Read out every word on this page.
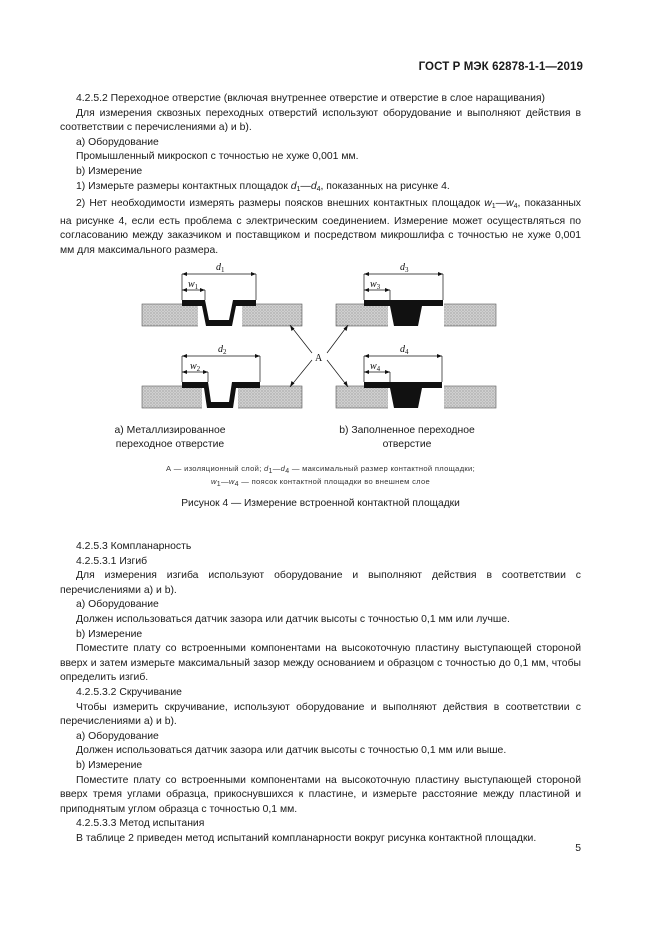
ГОСТ Р МЭК 62878-1-1—2019

4.2.5.2 Переходное отверстие (включая внутреннее отверстие и отверстие в слое наращивания)

Для измерения сквозных переходных отверстий используют оборудование и выполняют действия в соответствии с перечислениями а) и b).

а) Оборудование

Промышленный микроскоп с точностью не хуже 0,001 мм.

b) Измерение

1) Измерьте размеры контактных площадок $d_1—d_4$, показанных на рисунке 4.

2) Нет необходимости измерять размеры поясков внешних контактных площадок $w_1—w_4$, показанных на рисунке 4, если есть проблема с электрическим соединением. Измерение может осуществляться по согласованию между заказчиком и поставщиком и посредством микрошлифа с точностью не хуже 0,001 мм для максимального размера.

$d_1$
$w_1$
$d_2$
$w_2$
$d_3$
$w_3$
$d_4$
$w_4$
A
а) Металлизированное
переходное отверстие
b) Заполненное переходное
отверстие
А — изоляционный слой; d1—d4 — максимальный размер контактной площадки;
w1—w4 — поясок контактной площадки во внешнем слое
Рисунок 4 — Измерение встроенной контактной площадки

4.2.5.3 Компланарность

4.2.5.3.1 Изгиб

Для измерения изгиба используют оборудование и выполняют действия в соответствии с перечислениями а) и b).

а) Оборудование

Должен использоваться датчик зазора или датчик высоты с точностью 0,1 мм или лучше.

b) Измерение

Поместите плату со встроенными компонентами на высокоточную пластину выступающей стороной вверх и затем измерьте максимальный зазор между основанием и образцом с точностью до 0,1 мм, чтобы определить изгиб.

4.2.5.3.2 Скручивание

Чтобы измерить скручивание, используют оборудование и выполняют действия в соответствии с перечислениями а) и b).

а) Оборудование

Должен использоваться датчик зазора или датчик высоты с точностью 0,1 мм или выше.

b) Измерение

Поместите плату со встроенными компонентами на высокоточную пластину выступающей стороной вверх тремя углами образца, прикоснувшихся к пластине, и измерьте расстояние между пластиной и приподнятым углом образца с точностью 0,1 мм.

4.2.5.3.3 Метод испытания

В таблице 2 приведен метод испытаний компланарности вокруг рисунка контактной площадки.

5
